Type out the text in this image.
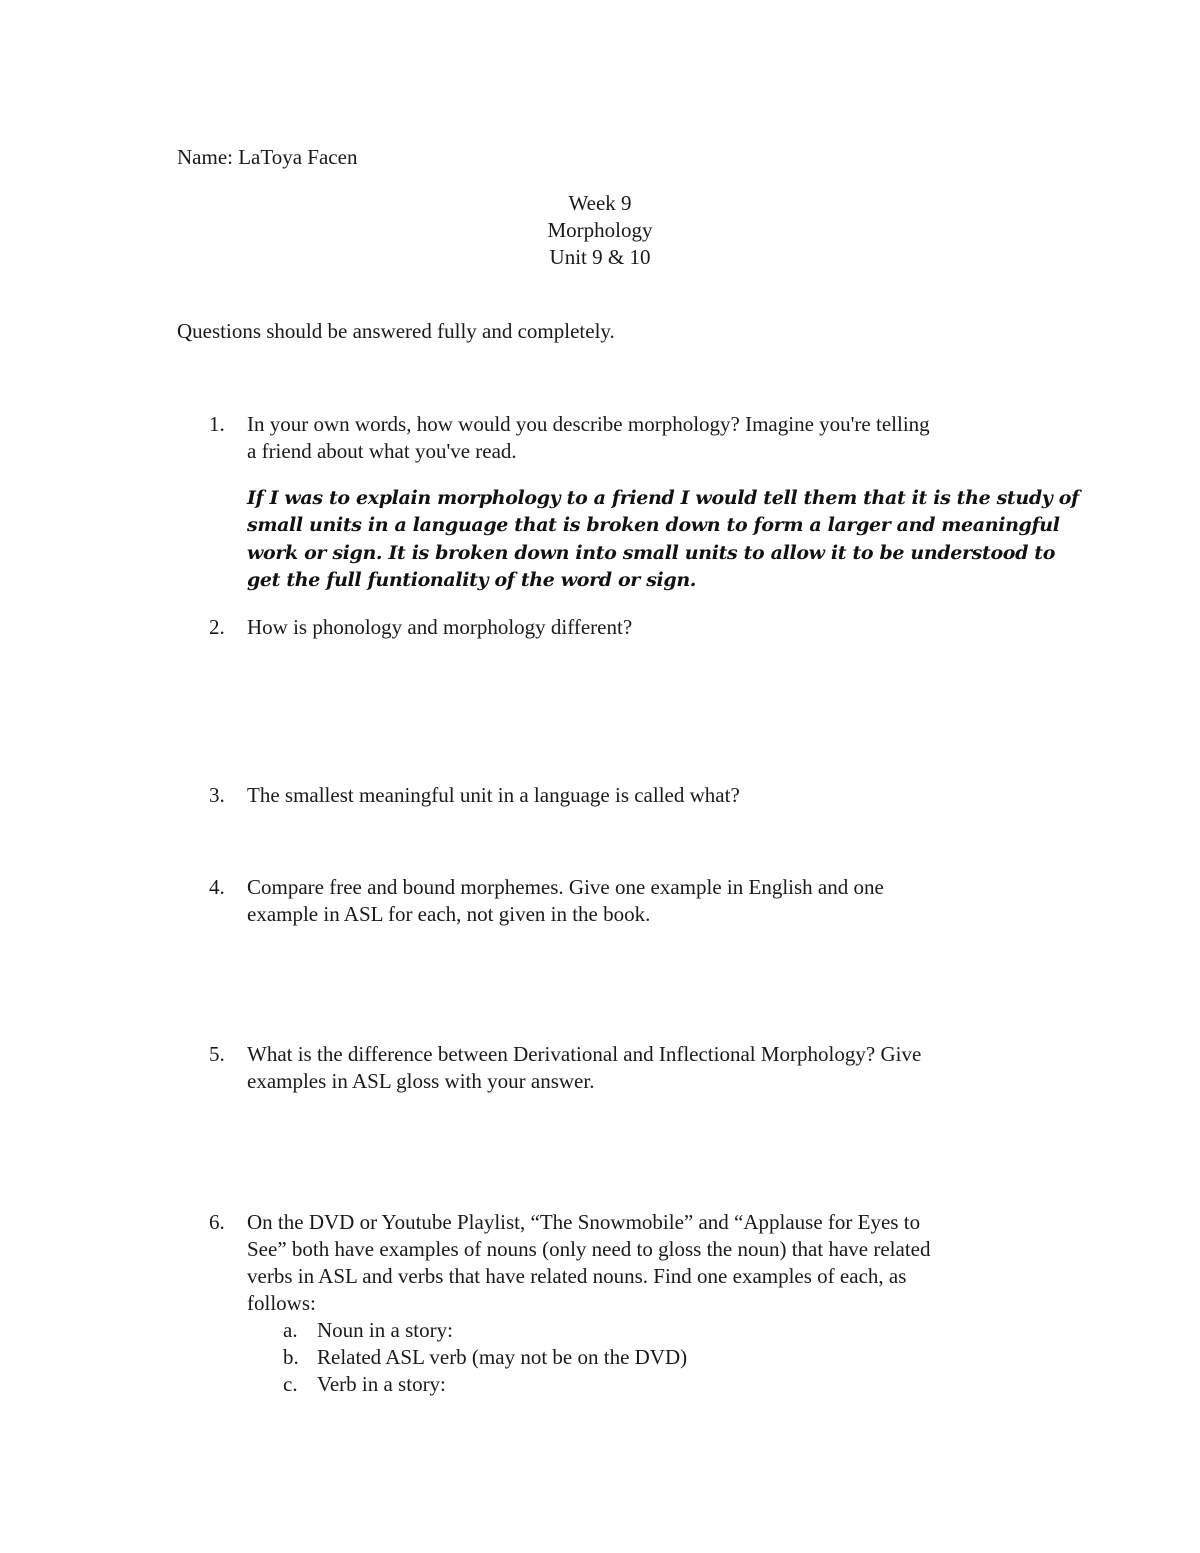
Name: LaToya Facen
Week 9
Morphology
Unit 9 & 10
Questions should be answered fully and completely.
1.	In your own words, how would you describe morphology? Imagine you're telling
a friend about what you've read.
If I was to explain morphology to a friend I would tell them that it is the study of
small units in a language that is broken down to form a larger and meaningful
work or sign. It is broken down into small units to allow it to be understood to
get the full funtionality of the word or sign.
2.	How is phonology and morphology different?
3.	The smallest meaningful unit in a language is called what?
4.	Compare free and bound morphemes. Give one example in English and one
example in ASL for each, not given in the book.
5.	What is the difference between Derivational and Inflectional Morphology? Give
examples in ASL gloss with your answer.
6.	On the DVD or Youtube Playlist, “The Snowmobile” and “Applause for Eyes to
See” both have examples of nouns (only need to gloss the noun) that have related
verbs in ASL and verbs that have related nouns. Find one examples of each, as
follows:
a. Noun in a story:
b. Related ASL verb (may not be on the DVD)
c. Verb in a story:
